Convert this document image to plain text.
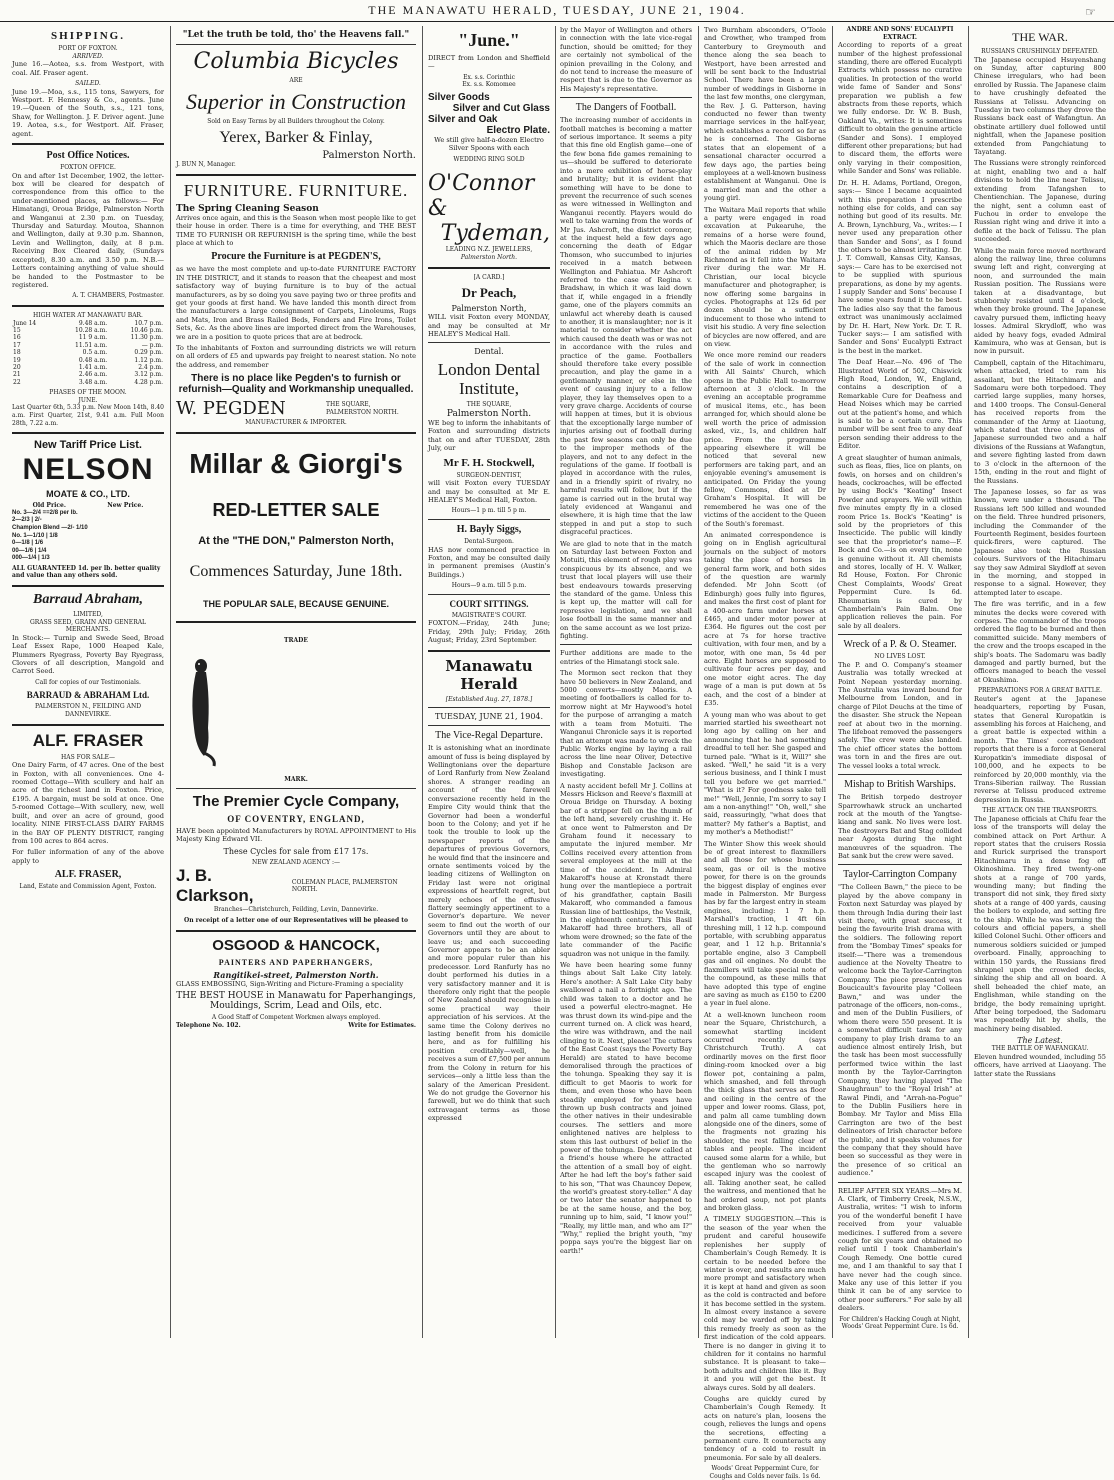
THE MANAWATU HERALD, TUESDAY, JUNE 21, 1904.	☞
SHIPPING.
PORT OF FOXTON.
ARRIVED.

June 16.—Aotea, s.s. from Westport, with coal. Alf. Fraser agent.

SAILED.

June 19.—Moa, s.s., 115 tons, Sawyers, for Westport. F. Hennessy & Co., agents. June 19.—Queen of the South, s.s., 121 tons, Shaw, for Wellington. J. F. Driver agent. June 19. Aotea, s.s., for Westport. Alf. Fraser, agent.

Post Office Notices.
FOXTON OFFICE.

On and after 1st December, 1902, the letter-box will be cleared for despatch of correspondence from this office to the under-mentioned places, as follows:— For Himatangi, Oroua Bridge, Palmerston North and Wanganui at 2.30 p.m. on Tuesday, Thursday and Saturday. Moutoa, Shannon and Wellington, daily at 9.30 p.m. Shannon, Levin and Wellington, daily, at 8 p.m. Receiving Box Cleared daily, (Sundays excepted), 8.30 a.m. and 3.50 p.m. N.B.—Letters containing anything of value should be handed to the Postmaster to be registered.

A. T. CHAMBERS, Postmaster.
HIGH WATER AT MANAWATU BAR.
June 14	9.48 a.m.	10.7 p.m.
15	10.28 a.m.	10.46 p.m.
16	11 9 a.m.	11.30 p.m.
17	11.51 a.m.	— p.m.
18	0.5 a.m.	0.29 p.m.
19	0.48 a.m.	1.12 p.m.
20	1.41 a.m.	2.4 p.m.
21	2.46 a.m.	3.12 p.m.
22	3.48 a.m.	4.28 p.m.
PHASES OF THE MOON.
JUNE.

Last Quarter 6th, 5.33 p.m. New Moon 14th, 8.40 a.m. First Quarter, 21st, 9.41 a.m. Full Moon 28th, 7.22 a.m.

New Tariff Price List.
NELSON
MOATE & CO., LTD.
Old Price.	New Price.
No. 3—2/4 ==2/8 per lb.
2—2/3 | 2/-
Champion Blend —2/- 1/10
No. 1—1/10 | 1/8
0—1/8 | 1/6
00—1/6 | 1/4
000—1/4 | 1/3
ALL GUARANTEED 1d. per lb. better quality and value than any others sold.
Barraud Abraham,
LIMITED,
GRASS SEED, GRAIN AND GENERAL MERCHANTS.

In Stock:— Turnip and Swede Seed, Broad Leaf Essex Rape, 1000 Heaped Kale, Plummers Ryegrass, Poverty Bay Ryegrass, Clovers of all description, Mangold and Carrot Seed.

Call for copies of our Testimonials.
BARRAUD & ABRAHAM Ltd.
PALMERSTON N., FEILDING AND DANNEVIRKE.
ALF. FRASER
HAS FOR SALE—

One Dairy Farm, of 47 acres. One of the best in Foxton, with all conveniences. One 4-roomed Cottage—With scullery and half an acre of the richest land in Foxton. Price, £195. A bargain, must be sold at once. One 5-roomed Cottage—With scullery, new, well built, and over an acre of ground, good locality. NINE FIRST-CLASS DAIRY FARMS in the BAY OF PLENTY DISTRICT, ranging from 100 acres to 864 acres.

For fuller information of any of the above apply to

ALF. FRASER,
Land, Estate and Commission Agent, Foxton.
"Let the truth be told, tho' the Heavens fall."
Columbia Bicycles
ARE
Superior in Construction
Sold on Easy Terms by all Builders throughout the Colony.
Yerex, Barker & Finlay,
Palmerston North.
J. BUN N, Manager.
FURNITURE. FURNITURE.
The Spring Cleaning Season

Arrives once again, and this is the Season when most people like to get their house in order. There is a time for everything, and THE BEST TIME TO FURNISH OR REFURNISH is the spring time, while the best place at which to

Procure the Furniture is at PEGDEN'S,

as we have the most complete and up-to-date FURNITURE FACTORY IN THE DISTRICT, and it stands to reason that the cheapest and most satisfactory way of buying furniture is to buy of the actual manufacturers, as by so doing you save paying two or three profits and get your goods at first hand. We have landed this month direct from the manufacturers a large consignment of Carpets, Linoleums, Rugs and Mats, Iron and Brass Railed Beds, Fenders and Fire Irons, Toilet Sets, &c. As the above lines are imported direct from the Warehouses, we are in a position to quote prices that are at bedrock.

To the inhabitants of Foxton and surrounding districts we will return on all orders of £5 and upwards pay freight to nearest station. No note the address, and remember

There is no place like Pegden's to furnish or refurnish—Quality and Workmanship unequalled.
W. PEGDEN	THE SQUARE, PALMERSTON NORTH.
MANUFACTURER & IMPORTER.
Millar & Giorgi's
RED-LETTER SALE
At the "THE DON," Palmerston North,
Commences Saturday, June 18th.
THE POPULAR SALE, BECAUSE GENUINE.
TRADE
MARK.
The Premier Cycle Company,
OF COVENTRY, ENGLAND,

HAVE been appointed Manufacturers by ROYAL APPOINTMENT to His Majesty King Edward VII.

These Cycles for sale from £17 17s.
NEW ZEALAND AGENCY :—
J. B. Clarkson,
COLEMAN PLACE, PALMERSTON NORTH.
Branches—Christchurch, Feilding, Levin, Dannevirke.
On receipt of a letter one of our Representatives will be pleased to
OSGOOD & HANCOCK,
PAINTERS AND PAPERHANGERS,
Rangitikei-street, Palmerston North.

GLASS EMBOSSING, Sign-Writing and Picture-Framing a speciality

THE BEST HOUSE in Manawatu for Paperhangings, Mouldings, Scrim, Lead and Oils, etc.
A Good Staff of Competent Workmen always employed.
Telephone No. 102.	Write for Estimates.
"June."

DIRECT from London and Sheffield—

Ex. s.s. Corinthic
Ex. s.s. Komomee
Silver Goods
Silver and Cut Glass
Silver and Oak
Electro Plate.

We still give half-a-dozen Electro Silver Spoons with each

WEDDING RING SOLD
O'Connor &
Tydeman,
LEADING N.Z. JEWELLERS,
Palmerston North.
[A CARD.]
Dr Peach,
Palmerston North,

WILL visit Foxton every MONDAY, and may be consulted at Mr HEALEY'S Medical Hall.

Dental.
London Dental Institute,
THE SQUARE,
Palmerston North.

WE beg to inform the inhabitants of Foxton and surrounding districts that on and after TUESDAY, 28th July, our

Mr F. H. Stockwell,
SURGEON-DENTIST,

will visit Foxton every TUESDAY and may be consulted at Mr E. HEALEY'S Medical Hall, Foxton.

Hours—1 p m. till 5 p m.
H. Bayly Siggs,
Dental-Surgeon.

HAS now commenced practice in Foxton, and may be consulted daily in permanent premises (Austin's Buildings.)

Hours—9 a.m. till 5 p.m.
COURT SITTINGS.
MAGISTRATE'S COURT.

FOXTON.—Friday, 24th June; Friday, 29th July; Friday, 26th August; Friday, 23rd September.

Manawatu Herald
[Established Aug. 27, 1878.]
TUESDAY, JUNE 21, 1904.
The Vice-Regal Departure.

It is astonishing what an inordinate amount of fuss is being displayed by Wellingtonians over the departure of Lord Ranfurly from New Zealand shores. A stranger reading an account of the farewell conversazione recently held in the Empire City would think that the Governor had been a wonderful boon to the Colony; and yet if he took the trouble to look up the newspaper reports of the departures of previous Governors, he would find that the insincere and ornate sentiments voiced by the leading citizens of Wellington on Friday last were not original expressions of heartfelt regret, but merely echoes of the effusive flattery seemingly appertinent to a Governor's departure. We never seem to find out the worth of our Governors until they are about to leave us; and each succeeding Governor appears to be an abler and more popular ruler than his predecessor. Lord Ranfurly has no doubt performed his duties in a very satisfactory manner and it is therefore only right that the people of New Zealand should recognise in some practical way their appreciation of his services. At the same time the Colony derives no lasting benefit from his domicile here, and as for fulfilling his position creditably—well, he receives a sum of £7,500 per annum from the Colony in return for his services—only a little less than the salary of the American President. We do not grudge the Governor his farewell, but we do think that such extravagant terms as those expressed

by the Mayor of Wellington and others in connection with the late vice-regal function, should be omitted; for they are certainly not symbolical of the opinion prevailing in the Colony, and do not tend to increase the measure of respect that is due to the Governor as His Majesty's representative.

The Dangers of Football.

The increasing number of accidents in football matches is becoming a matter of serious importance. It seems a pity that this fine old English game—one of the few bona fide games remaining to us—should be suffered to deteriorate into a mere exhibition of horse-play and brutality; but it is evident that something will have to be done to prevent the recurrence of such scenes as were witnessed in Wellington and Wanganui recently. Players would do well to take warning from the words of Mr Jus. Ashcroft, the district coroner, at the inquest held a few days ago concerning the death of Edgar Thomson, who succumbed to injuries received in a match between Wellington and Pahiatua. Mr Ashcroft referred to the case of Regina v. Bradshaw, in which it was laid down that if, while engaged in a friendly game, one of the players commits an unlawful act whereby death is caused to another, it is manslaughter; nor is it material to consider whether the act which caused the death was or was not in accordance with the rules and practice of the game. Footballers should therefore take every possible precaution, and play the game in a gentlemanly manner, or else in the event of causing injury to a fellow player, they lay themselves open to a very grave charge. Accidents of course will happen at times, but it is obvious that the exceptionally large number of injuries arising out of football during the past few seasons can only be due to the improper methods of the players, and not to any defect in the regulations of the game. If football is played in accordance with the rules, and in a friendly spirit of rivalry, no harmful results will follow, but if the game is carried out in the brutal way lately evidenced at Wanganui and elsewhere, it is high time that the law stepped in and put a stop to such disgraceful practices.

We are glad to note that in the match on Saturday last between Foxton and Motuiti, this element of rough play was conspicuous by its absence, and we trust that local players will use their best endeavours towards preserving the standard of the game. Unless this is kept up, the matter will call for repressive legislation, and we shall lose football in the same manner and on the same account as we lost prize-fighting.

Further additions are made to the entries of the Himatangi stock sale.

The Mormon sect reckon that they have 50 believers in New Zealand, and 5000 converts—mostly Maoris. A meeting of footballers is called for to-morrow night at Mr Haywood's hotel for the purpose of arranging a match with a team from Motuiti. The Wanganui Chronicle says it is reported that an attempt was made to wreck the Public Works engine by laying a rail across the line near Oliver, Detective Bishop and Constable Jackson are investigating.

A nasty accident befell Mr J. Collins at Messrs Hickson and Reeve's flaxmill at Oroua Bridge on Thursday. A boxing bar of a stripper fell on the thumb of the left hand, severely crushing it. He at once went to Palmerston and Dr Graham found it necessary to amputate the injured member. Mr Collins received every attention from several employees at the mill at the time of the accident. In Admiral Makaroff's house at Kronstadt there hung over the mantlepiece a portrait of his grandfather, captain Basili Makaroff, who commanded a famous Russian line of battleships, the Vestnik, in the eighteenth century. This Basil Makaroff had three brothers, all of whom were drowned; so the fate of the late commander of the Pacific squadron was not unique in the family.

We have been hearing some funny things about Salt Lake City lately. Here's another: A Salt Lake City baby swallowed a nail a fortnight ago. The child was taken to a doctor and he used a powerful electro-magnet. He was thrust down its wind-pipe and the current turned on. A click was heard, the wire was withdrawn, and the nail clinging to it. Next, please! The cutters of the East Coast (says the Poverty Bay Herald) are stated to have become demoralised through the practices of the tohunga. Speaking they say it is difficult to get Maoris to work for them, and even those who have been steadily employed for years have thrown up bush contracts and joined the other natives in their undesirable courses. The settlers and more enlightened natives are helpless to stem this last outburst of belief in the power of the tohunga. Depew called at a friend's house where he attracted the attention of a small boy of eight. After he had left the boy's father said to his son, "That was Chauncey Depew, the world's greatest story-teller." A day or two later the senator happened to be at the same house, and the boy, running up to him, said, "I know you!" "Really, my little man, and who am I?" "Why," replied the bright youth, "my poppa says you're the biggest liar on earth!"

Two Burnham absconders, O'Toole and Crowther, who tramped from Canterbury to Greymouth and thence along the sea beach to Westport, have been arrested and will be sent back to the Industrial School. There have been a large number of weddings in Gisborne in the last few months, one clergyman, the Rev. J. G. Patterson, having conducted no fewer than twenty marriage services in the half-year, which establishes a record so far as he is concerned. The Gisborne states that an elopement of a sensational character occurred a few days ago, the parties being employees at a well-known business establishment at Wanganui. One is a married man and the other a young girl.

The Waitara Mail reports that while a party were engaged in road excavation at Pukearuhe, the remains of a horse were found, which the Maoris declare are those of the animal ridden by Mr Richmond as it fell into the Waitara river during the war. Mr H. Christian, our local bicycle manufacturer and photographer, is now offering some bargains in cycles. Photographs at 12s 6d per dozen should be a sufficient inducement to those who intend to visit his studio. A very fine selection of bicycles are now offered, and are on view.

We once more remind our readers of the sale of work in connection with All Saints' Church, which opens in the Public Hall to-morrow afternoon at 3 o'clock. In the evening an acceptable programme of musical items, etc., has been arranged for, which should alone be well worth the price of admission asked, viz., 1s, and children half price. From the programme appearing elsewhere it will be noticed that several new performers are taking part, and an enjoyable evening's amusement is anticipated. On Friday the young fellow, Commons, died at Dr Graham's Hospital. It will be remembered he was one of the victims of the accident to the Queen of the South's foremast.

An animated correspondence is going on in English agricultural journals on the subject of motors taking the place of horses in general farm work, and both sides of the question are warmly defended. Mr John Scott (of Edinburgh) goes fully into figures, and makes the first cost of plant for a 400-acre farm under horses at £465, and under motor power at £364. He figures out the cost per acre at 7s for horse tractive cultivation, with four men, and by a motor, with one man, 5s 4d per acre. Eight horses are supposed to cultivate four acres per day, and one motor eight acres. The day wage of a man is put down at 5s each, and the cost of a binder at £35.

A young man who was about to get married startled his sweetheart not long ago by calling on her and announcing that he had something dreadful to tell her. She gasped and turned pale. "What is it, Will?" she asked. "Well," he said "it is a very serious business, and I think I must tell you before we get married." "What is it? For goodness sake tell me!" "Well, Jennie, I'm sorry to say I am a non-anything!" "Oh, well," she said, reassuringly, "what does that matter? My father's a Baptist, and my mother's a Methodist!"

The Winter Show this week should be of great interest to flaxmillers and all those for whose business seam, gas or oil is the motive power, for there is on the grounds the biggest display of engines ever made in Palmerston. Mr Burgess has by far the largest entry in steam engines, including: 1 7 h.p. Marshall's traction, 1 4ft 6in threshing mill, 1 12 h.p. compound portable, with scrubbing apparatus gear, and 1 12 h.p. Britannia's portable engine, also 3 Campbell gas and oil engines. No doubt the flaxmillers will take special note of the compound, as these mills that have adopted this type of engine are saving as much as £150 to £200 a year in fuel alone.

At a well-known luncheon room near the Square, Christchurch, a somewhat startling incident occurred recently (says Christchurch Truth). A cat ordinarily moves on the first floor dining-room knocked over a big flower pot, containing a palm, which smashed, and fell through the thick glass that serves as floor and ceiling in the centre of the upper and lower rooms. Glass, pot, and palm all came tumbling down alongside one of the diners, some of the fragments not grazing his shoulder, the rest falling clear of tables and people. The incident caused some alarm for a while, but the gentleman who so narrowly escaped injury was the coolest of all. Taking another seat, he called the waitress, and mentioned that he had ordered soup, not pot plants and broken glass.

A TIMELY SUGGESTION.—This is the season of the year when the prudent and careful housewife replenishes her supply of Chamberlain's Cough Remedy. It is certain to be needed before the winter is over, and results are much more prompt and satisfactory when it is kept at hand and given as soon as the cold is contracted and before it has become settled in the system. In almost every instance a severe cold may be warded off by taking this remedy freely as soon as the first indication of the cold appears. There is no danger in giving it to children for it contains no harmful substance. It is pleasant to take—both adults and children like it. Buy it and you will get the best. It always cures. Sold by all dealers.

Coughs are quickly cured by Chamberlain's Cough Remedy. It acts on nature's plan, loosens the cough, relieves the lungs and opens the secretions, effecting a permanent cure. It counteracts any tendency of a cold to result in pneumonia. For sale by all dealers.

Woods' Great Peppermint Cure, for Coughs and Colds never fails. 1s 6d.
ANDRE AND SONS' EUCALYPTI EXTRACT.

According to reports of a great number of the highest professional standing, there are offered Eucalypti Extracts which possess no curative qualities. In protection of the world wide fame of Sander and Sons' preparation we publish a few abstracts from these reports, which we fully endorse. Dr. W. B. Bush, Oakland Va., writes: It is sometimes difficult to obtain the genuine article (Sander and Sons). I employed different other preparations; but had to discard them, the efforts were only varying in their composition, while Sander and Sons' was reliable.

Dr. H. H. Adams, Portland, Oregon, says:— Since I became acquainted with this preparation I prescribe nothing else for colds, and can say nothing but good of its results. Mr. A. Brown, Lynchburg, Va., writes:— I never used any preparation other than Sander and Sons', as I found the others to be almost irritating. Dr. J. T. Comwall, Kansas City, Kansas, says:— Care has to be exercised not to be supplied with spurious preparations, as done by my agents. I supply Sander and Sons' because I have some years found it to be best. The ladies also say that the famous extract was unanimously acclaimed by Dr. H. Hart, New York. Dr. T. R. Tucker says:— I am satisfied with Sander and Sons' Eucalypti Extract is the best in the market.

The Deaf Hear.—No. 496 of The Illustrated World of 502, Chiswick High Road, London, W., England, contains a description of a Remarkable Cure for Deafness and Head Noises which may be carried out at the patient's home, and which is said to be a certain cure. This number will be sent free to any deaf person sending their address to the Editor.

A great slaughter of human animals, such as fleas, flies, lice on plants, on fowls, on horses and on children's heads, cockroaches, will be effected by using Bock's "Keating" Insect Powder and sprayers. We will within five minutes empty fly in a closed room Price 1s. Bock's "Keating" is sold by the proprietors of this Insecticide. The public will kindly see that the proprietor's name—F. Bock and Co.—is on every tin, none is genuine without it. All chemists and stores, locally of H. V. Walker, Rd House, Foxton. For Chronic Chest Complaints, Woods' Great Peppermint Cure. Is 6d. Rheumatism is cured by Chamberlain's Pain Balm. One application relieves the pain. For sale by all dealers.

Wreck of a P. & O. Steamer.
NO LIVES LOST.

The P. and O. Company's steamer Australia was totally wrecked at Point Nepean yesterday morning. The Australia was inward bound for Melbourne from London, and in charge of Pilot Deuchs at the time of the disaster. She struck the Nepean reef at about two in the morning. The lifeboat removed the passengers safely. The crew were also landed. The chief officer states the bottom was torn in and the fires are out. The vessel looks a total wreck.

Mishap to British Warships.

The British torpedo destroyer Sparrowhawk struck an uncharted rock at the mouth of the Yangtse-kiang and sank. No lives were lost. The destroyers Bat and Stag collided near Agosta during the night manœuvres of the squadron. The Bat sank but the crew were saved.

Taylor-Carrington Company

"The Colleen Bawn," the piece to be played by the above company in Foxton next Saturday was played by them through India during their last visit there, with great success, it being the favourite Irish drama with the soldiers. The following report from the "Bombay Times" speaks for itself:—"There was a tremendous audience at the Novelty Theatre to welcome back the Taylor-Carrington Company. The piece presented was Boucicault's favourite play "Colleen Bawn," and was under the patronage of the officers, non-coms., and men of the Dublin Fusiliers, of whom there were 550 present. It is a somewhat difficult task for any company to play Irish drama to an audience almost entirely Irish, but the task has been most successfully performed twice within the last month by the Taylor-Carrington Company, they having played "The Shaughraun" to the "Royal Irish" at Rawal Pindi, and "Arrah-na-Pogue" to the Dublin Fusiliers here in Bombay. Mr Taylor and Miss Ella Carrington are two of the best delineators of Irish character before the public, and it speaks volumes for the company that they should have been so successful as they were in the presence of so critical an audience."

RELIEF AFTER SIX YEARS.—Mrs M. A. Clark, of Timberry Creek, N.S.W., Australia, writes: "I wish to inform you of the wonderful benefit I have received from your valuable medicines. I suffered from a severe cough for six years and obtained no relief until I took Chamberlain's Cough Remedy. One bottle cured me, and I am thankful to say that I have never had the cough since. Make any use of this letter if you think it can be of any service to other poor sufferers." For sale by all dealers.

For Children's Hacking Cough at Night, Woods' Great Peppermint Cure. 1s 6d.
THE WAR.
RUSSIANS CRUSHINGLY DEFEATED.

The Japanese occupied Hsuyenshang on Sunday, after capturing 800 Chinese irregulars, who had been enrolled by Russia. The Japanese claim to have crushingly defeated the Russians at Telissu. Advancing on Tuesday in two columns they drove the Russians back east of Wafangtun. An obstinate artillery duel followed until nightfall, when the Japanese position extended from Pangchiatung to Tayatang.

The Russians were strongly reinforced at night, enabling two and a half divisions to hold the line near Telissu, extending from Tafangshen to Chentienchian. The Japanese, during the night, sent a column east of Fuchou in order to envelope the Russian right wing and drive it into a defile at the back of Telissu. The plan succeeded.

While the main force moved northward along the railway line, three columns swung left and right, converging at noon, and surrounded the main Russian position. The Russians were taken at a disadvantage, but stubbornly resisted until 4 o'clock, when they broke ground. The Japanese cavalry pursued them, inflicting heavy losses. Admiral Skrydloff, who was aided by heavy fogs, evaded Admiral Kamimura, who was at Gensan, but is now in pursuit.

Campbell, captain of the Hitachimaru, when attacked, tried to ram his assailant, but the Hitachimaru and Sadomaru were both torpedoed. They carried large supplies, many horses, and 1400 troops. The Consul-General has received reports from the commander of the Army at Liaotung, which stated that three columns of Japanese surrounded two and a half divisions of the Russians at Wafangtun, and severe fighting lasted from dawn to 3 o'clock in the afternoon of the 15th, ending in the rout and flight of the Russians.

The Japanese losses, so far as was known, were under a thousand. The Russians left 500 killed and wounded on the field. Three hundred prisoners, including the Commander of the Fourteenth Regiment, besides fourteen quick-firers, were captured. The Japanese also took the Russian colours. Survivors of the Hitachimaru say they saw Admiral Skydloff at seven in the morning, and stopped in response to a signal. However, they attempted later to escape.

The fire was terrific, and in a few minutes the decks were covered with corpses. The commander of the troops ordered the flag to be burned and then committed suicide. Many members of the crew and the troops escaped in the ship's boats. The Sadomaru was badly damaged and partly burned, but the officers managed to beach the vessel at Okushima.

PREPARATIONS FOR A GREAT BATTLE.

Reuter's agent at the Japanese headquarters, reporting by Fusan, states that General Kuropatkin is assembling his forces at Haicheng, and a great battle is expected within a month. The Times' correspondent reports that there is a force at General Kuropatkin's immediate disposal of 100,000, and he expects to be reinforced by 20,000 monthly, via the Trans-Siberian railway. The Russian reverse at Telissu produced extreme depression in Russia.

THE ATTACK ON THE TRANSPORTS.

The Japanese officials at Chifu fear the loss of the transports will delay the combined attack on Port Arthur. A report states that the cruisers Rossia and Rurick surprised the transport Hitachimaru in a dense fog off Okinoshima. They fired twenty-one shots at a range of 700 yards, wounding many; but finding the transport did not sink, they fired sixty shots at a range of 400 yards, causing the boilers to explode, and setting fire to the ship. While he was burning the colours and official papers, a shell killed Colonel Suchi. Other officers and numerous soldiers suicided or jumped overboard. Finally, approaching to within 150 yards, the Russians fired shrapnel upon the crowded decks, sinking the ship and all on board. A shell beheaded the chief mate, an Englishman, while standing on the bridge, the body remaining upright. After being torpedoed, the Sadomaru was repeatedly hit by shells, the machinery being disabled.

The Latest.
THE BATTLE OF WAFANGKAU.

Eleven hundred wounded, including 55 officers, have arrived at Liaoyang. The latter state the Russians
